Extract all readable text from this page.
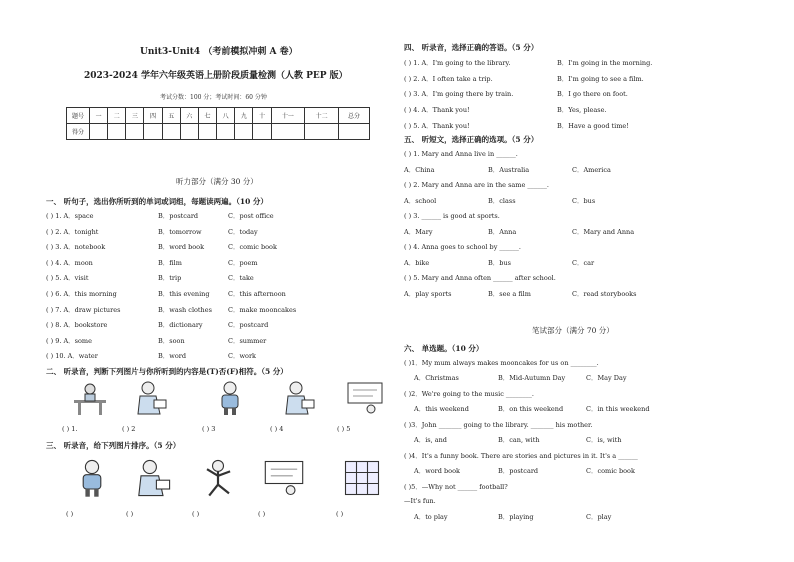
Unit3-Unit4 （考前模拟冲刺 A 卷）
2023-2024 学年六年级英语上册阶段质量检测（人教 PEP 版）
考试分数：100 分；考试时间：60 分钟
题号	一	二	三	四	五	六	七	八	九	十	十一	十二	总分
得分													
听力部分（满分 30 分）
一、 听句子，选出你所听到的单词或词组，每题读两遍。（10 分）
( ) 1. A．space	B．postcard	C．post office
( ) 2. A．tonight	B．tomorrow	C．today
( ) 3. A．notebook	B．word book	C．comic book
( ) 4. A．moon	B．film	C．poem
( ) 5. A．visit	B．trip	C．take
( ) 6. A．this morning	B．this evening	C．this afternoon
( ) 7. A．draw pictures	B．wash clothes C．make mooncakes
( ) 8. A．bookstore	B．dictionary	C．postcard
( ) 9. A．some	B．soon	C．summer
( ) 10. A．water	B．word	C．work
二、 听录音，判断下列图片与你所听到的内容是(T)否(F)相符。（5 分）
( ) 1.	( ) 2	( ) 3	( ) 4	( ) 5
三、 听录音，给下列图片排序。（5 分）
( )	( )	( )	( )	( )
四、 听录音，选择正确的答语。（5 分）
( ) 1. A．I'm going to the library.	B．I'm going in the morning.
( ) 2. A．I often take a trip.	B．I'm going to see a film.
( ) 3. A．I'm going there by train.	B．I go there on foot.
( ) 4. A．Thank you!	B．Yes, please.
( ) 5. A．Thank you!	B．Have a good time!
五、 听短文，选择正确的选项。（5 分）
( ) 1. Mary and Anna live in ______.
A．China	B．Australia	C．America
( ) 2. Mary and Anna are in the same ______.
A．school	B．class	C．bus
( ) 3. ______ is good at sports.
A．Mary	B．Anna	C．Mary and Anna
( ) 4. Anna goes to school by ______.
A．bike	B．bus	C．car
( ) 5. Mary and Anna often ______ after school.
A．play sports	B．see a film	C．read storybooks
笔试部分（满分 70 分）
六、 单选题。（10 分）
( )1．My mum always makes mooncakes for us on ________.
A．Christmas	B．Mid-Autumn Day	C．May Day
( )2．We're going to the music ________.
A．this weekend	B．on this weekend	C．in this weekend
( )3．John _______ going to the library. _______ his mother.
A．is, and	B．can, with	C．is, with
( )4．It's a funny book. There are stories and pictures in it. It's a ______
A．word book	B．postcard	C．comic book
( )5．—Why not ______ football?
—It's fun.
A．to play	B．playing	C．play
